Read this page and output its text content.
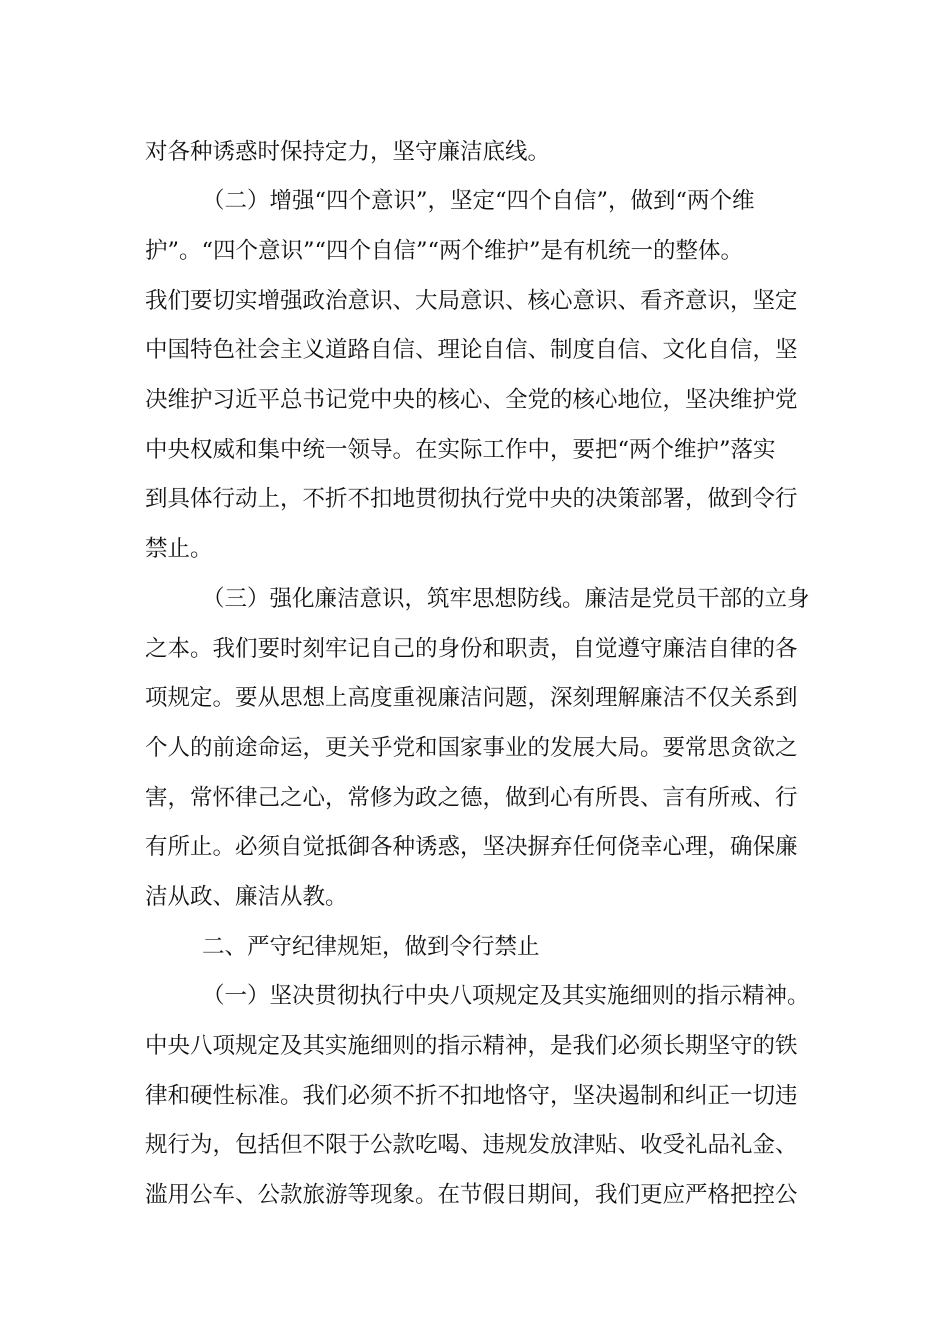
对各种诱惑时保持定力，坚守廉洁底线。
（二）增强“四个意识”，坚定“四个自信”，做到“两个维
护”。“四个意识”“四个自信”“两个维护”是有机统一的整体。
我们要切实增强政治意识、大局意识、核心意识、看齐意识，坚定
中国特色社会主义道路自信、理论自信、制度自信、文化自信，坚
决维护习近平总书记党中央的核心、全党的核心地位，坚决维护党
中央权威和集中统一领导。在实际工作中，要把“两个维护”落实
到具体行动上，不折不扣地贯彻执行党中央的决策部署，做到令行
禁止。
（三）强化廉洁意识，筑牢思想防线。廉洁是党员干部的立身
之本。我们要时刻牢记自己的身份和职责，自觉遵守廉洁自律的各
项规定。要从思想上高度重视廉洁问题，深刻理解廉洁不仅关系到
个人的前途命运，更关乎党和国家事业的发展大局。要常思贪欲之
害，常怀律己之心，常修为政之德，做到心有所畏、言有所戒、行
有所止。必须自觉抵御各种诱惑，坚决摒弃任何侥幸心理，确保廉
洁从政、廉洁从教。
二、严守纪律规矩，做到令行禁止
（一）坚决贯彻执行中央八项规定及其实施细则的指示精神。
中央八项规定及其实施细则的指示精神，是我们必须长期坚守的铁
律和硬性标准。我们必须不折不扣地恪守，坚决遏制和纠正一切违
规行为，包括但不限于公款吃喝、违规发放津贴、收受礼品礼金、
滥用公车、公款旅游等现象。在节假日期间，我们更应严格把控公
